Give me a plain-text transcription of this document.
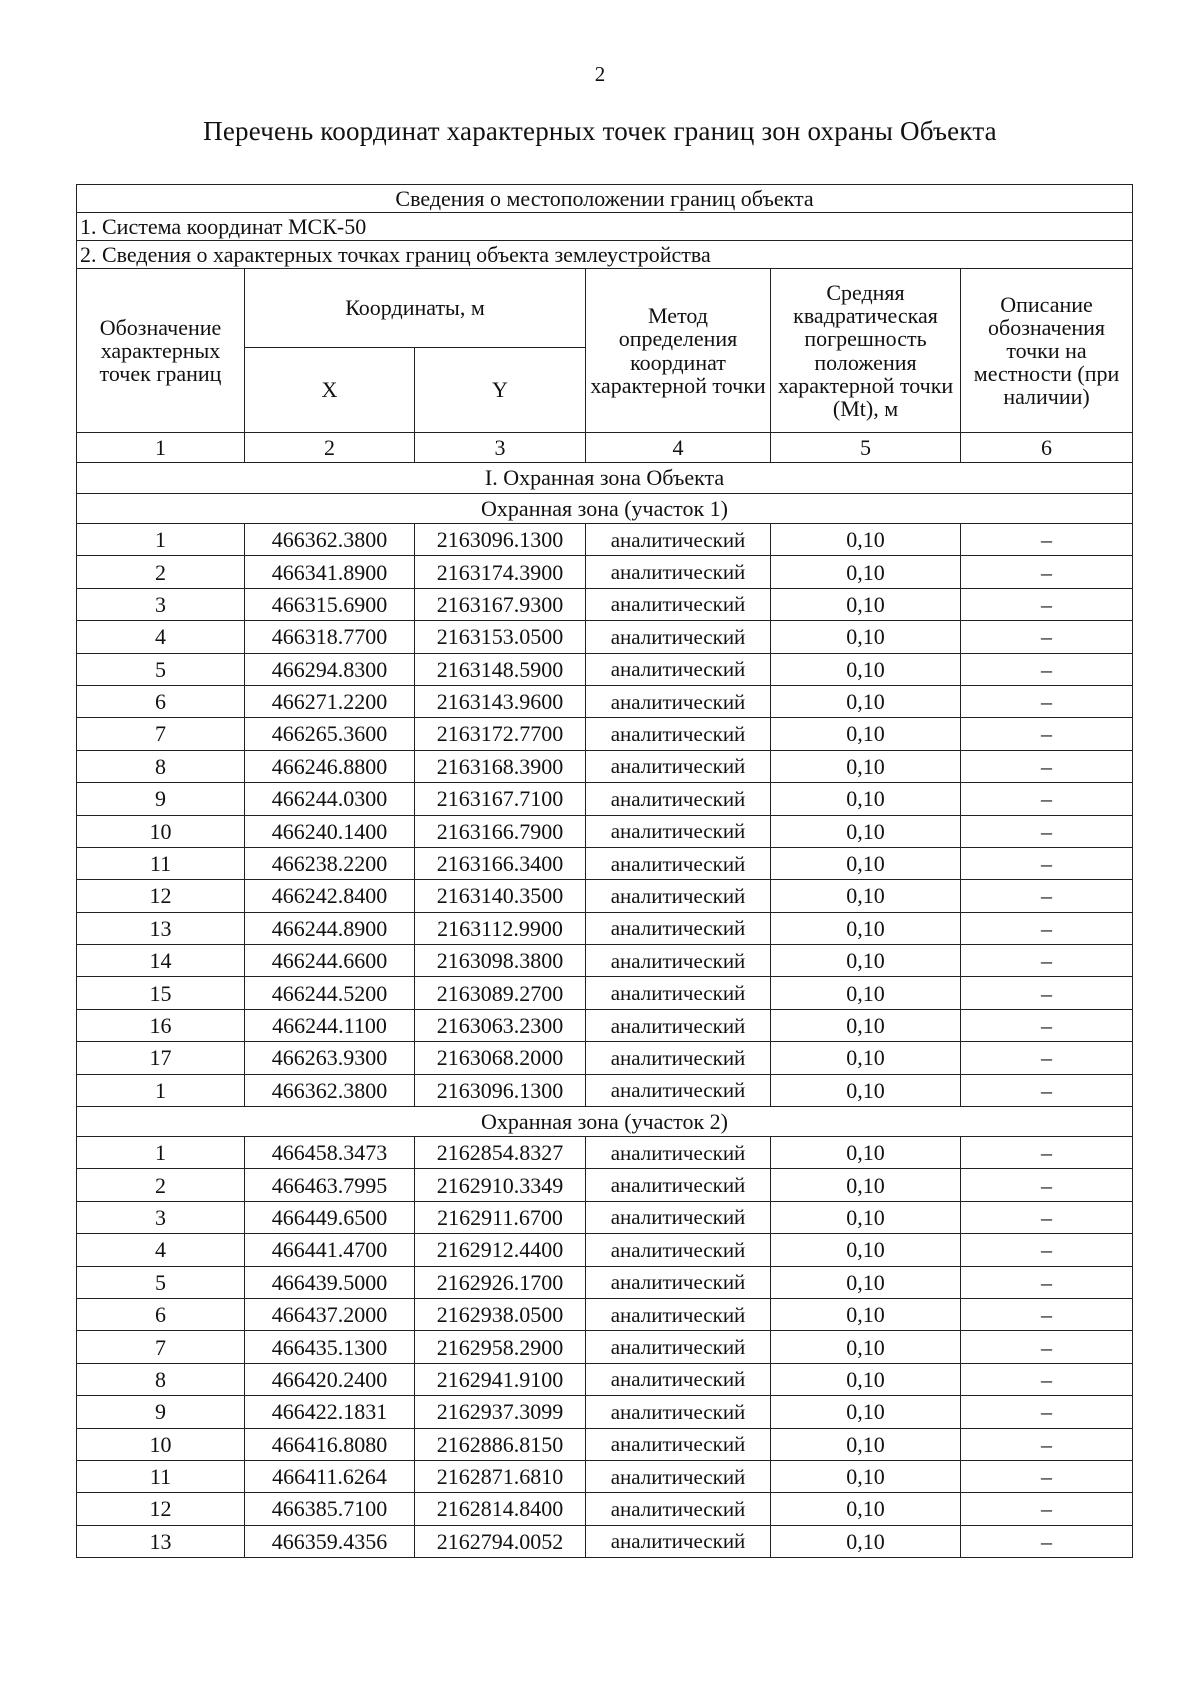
2
Перечень координат характерных точек границ зон охраны Объекта
Сведения о местоположении границ объекта					
1. Система координат МСК-50					
2. Сведения о характерных точках границ объекта землеустройства					
Обозначение характерных точек границ	Координаты, м		Метод определения координат характерной точки	Средняя квадратическая погрешность положения характерной точки (Mt), м	Описание обозначения точки на местности (при наличии)
	X	Y			
1	2	3	4	5	6
I. Охранная зона Объекта					
Охранная зона (участок 1)					
1	466362.3800	2163096.1300	аналитический	0,10	–
2	466341.8900	2163174.3900	аналитический	0,10	–
3	466315.6900	2163167.9300	аналитический	0,10	–
4	466318.7700	2163153.0500	аналитический	0,10	–
5	466294.8300	2163148.5900	аналитический	0,10	–
6	466271.2200	2163143.9600	аналитический	0,10	–
7	466265.3600	2163172.7700	аналитический	0,10	–
8	466246.8800	2163168.3900	аналитический	0,10	–
9	466244.0300	2163167.7100	аналитический	0,10	–
10	466240.1400	2163166.7900	аналитический	0,10	–
11	466238.2200	2163166.3400	аналитический	0,10	–
12	466242.8400	2163140.3500	аналитический	0,10	–
13	466244.8900	2163112.9900	аналитический	0,10	–
14	466244.6600	2163098.3800	аналитический	0,10	–
15	466244.5200	2163089.2700	аналитический	0,10	–
16	466244.1100	2163063.2300	аналитический	0,10	–
17	466263.9300	2163068.2000	аналитический	0,10	–
1	466362.3800	2163096.1300	аналитический	0,10	–
Охранная зона (участок 2)					
1	466458.3473	2162854.8327	аналитический	0,10	–
2	466463.7995	2162910.3349	аналитический	0,10	–
3	466449.6500	2162911.6700	аналитический	0,10	–
4	466441.4700	2162912.4400	аналитический	0,10	–
5	466439.5000	2162926.1700	аналитический	0,10	–
6	466437.2000	2162938.0500	аналитический	0,10	–
7	466435.1300	2162958.2900	аналитический	0,10	–
8	466420.2400	2162941.9100	аналитический	0,10	–
9	466422.1831	2162937.3099	аналитический	0,10	–
10	466416.8080	2162886.8150	аналитический	0,10	–
11	466411.6264	2162871.6810	аналитический	0,10	–
12	466385.7100	2162814.8400	аналитический	0,10	–
13	466359.4356	2162794.0052	аналитический	0,10	–
